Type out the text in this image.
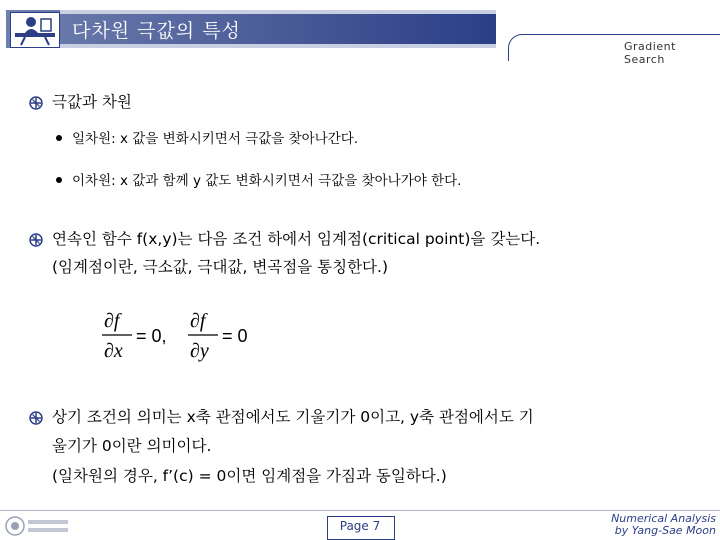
다차원 극값의 특성
Gradient Search
극값과 차원
일차원: x 값을 변화시키면서 극값을 찾아나간다.
이차원: x 값과 함께 y 값도 변화시키면서 극값을 찾아나가야 한다.
연속인 함수 f(x,y)는 다음 조건 하에서 임계점(critical point)을 갖는다.
(임계점이란, 극소값, 극대값, 변곡점을 통칭한다.)
∂f
∂x
∂f
∂y
= 0,	= 0
상기 조건의 의미는 x축 관점에서도 기울기가 0이고, y축 관점에서도 기
울기가 0이란 의미이다.
(일차원의 경우, f’(c) = 0이면 임계점을 가짐과 동일하다.)
Page 7
Numerical Analysis
by Yang-Sae Moon
